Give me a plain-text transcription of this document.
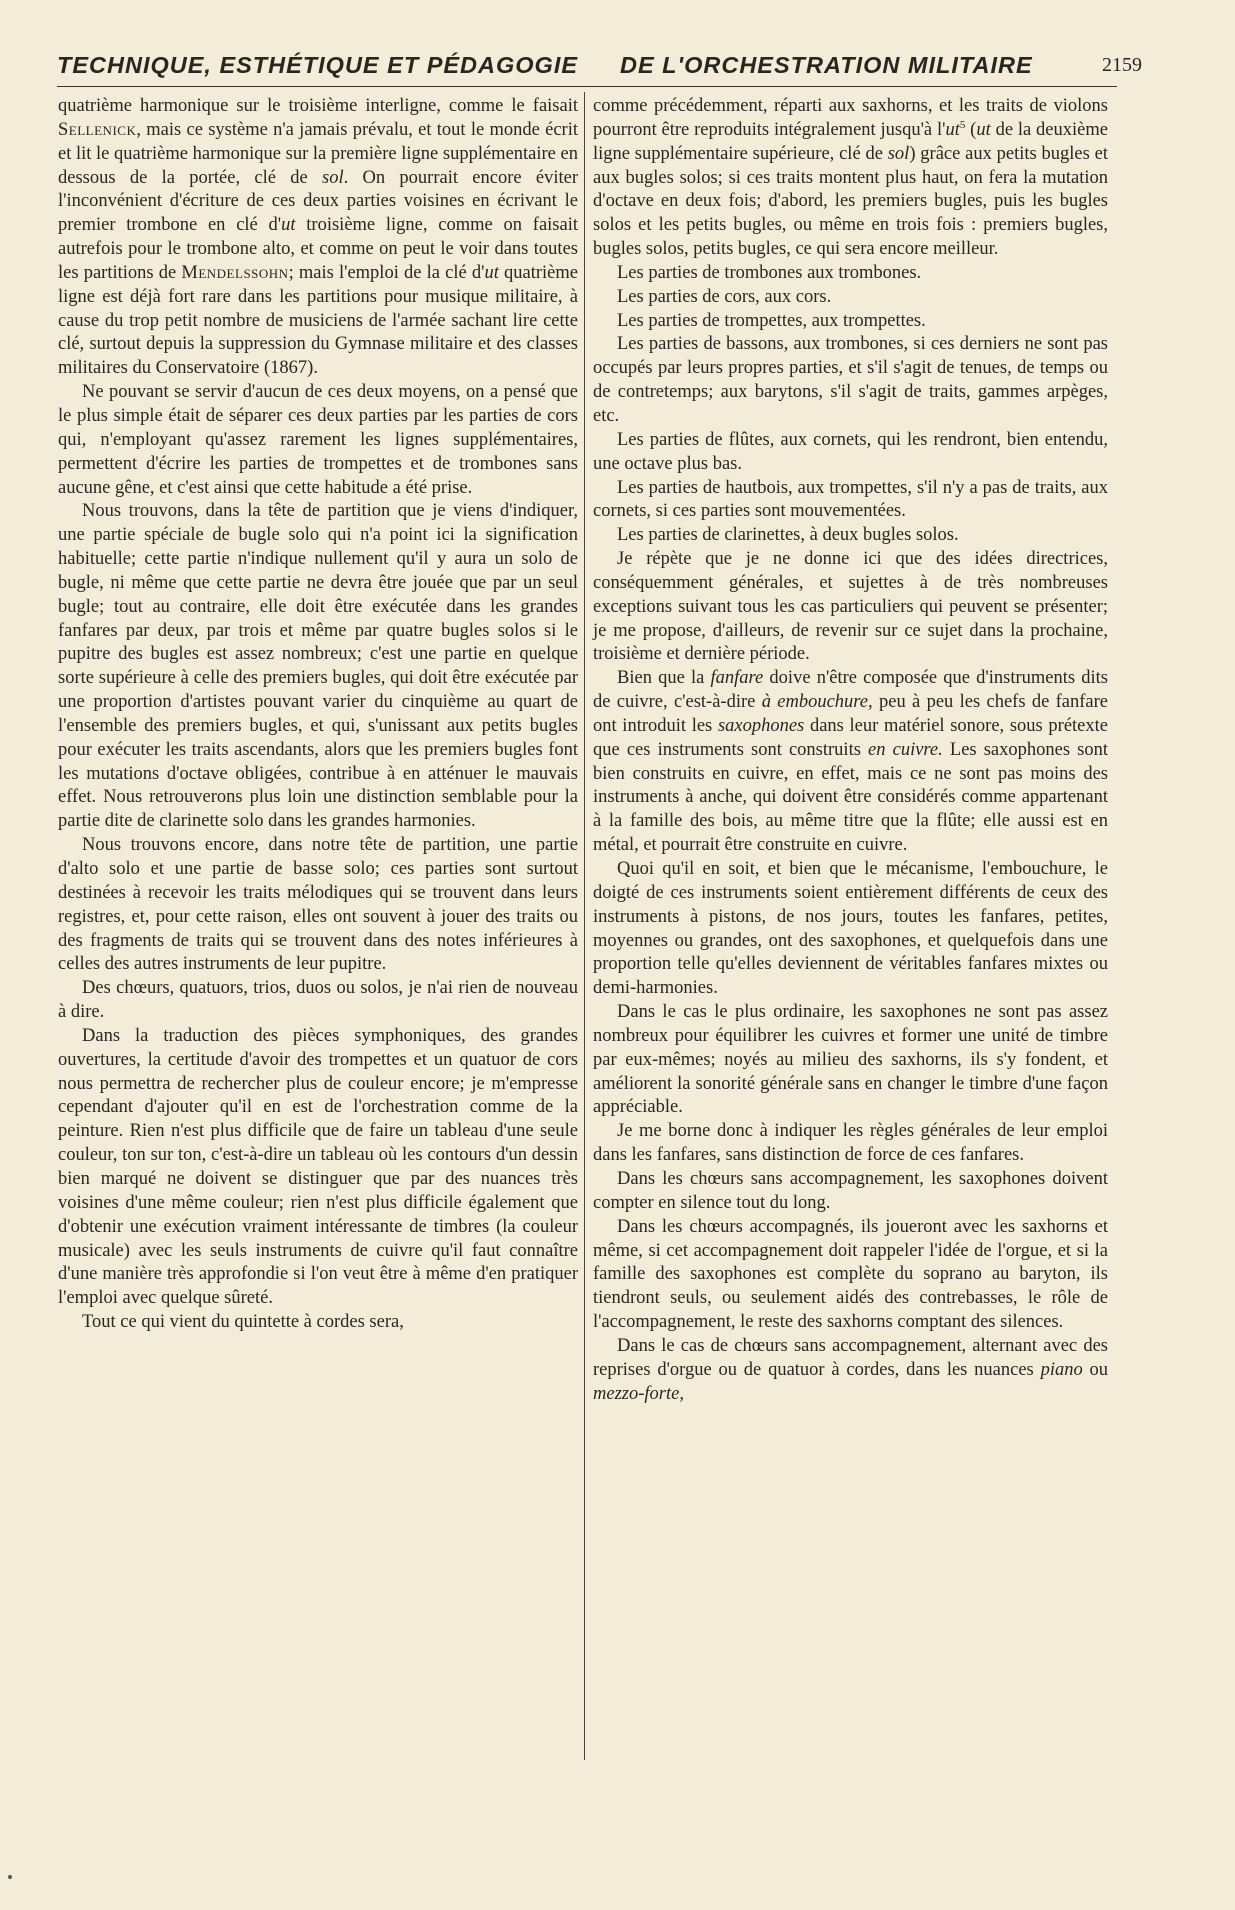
TECHNIQUE, ESTHÉTIQUE ET PÉDAGOGIE DE L'ORCHESTRATION MILITAIRE	2159

quatrième harmonique sur le troisième interligne, comme le faisait Sellenick, mais ce système n'a jamais prévalu, et tout le monde écrit et lit le quatrième harmonique sur la première ligne supplémentaire en dessous de la portée, clé de sol. On pourrait encore éviter l'inconvénient d'écriture de ces deux parties voisines en écrivant le premier trombone en clé d'ut troisième ligne, comme on faisait autrefois pour le trombone alto, et comme on peut le voir dans toutes les partitions de Mendelssohn; mais l'emploi de la clé d'ut quatrième ligne est déjà fort rare dans les partitions pour musique militaire, à cause du trop petit nombre de musiciens de l'armée sachant lire cette clé, surtout depuis la suppression du Gymnase militaire et des classes militaires du Conservatoire (1867).

Ne pouvant se servir d'aucun de ces deux moyens, on a pensé que le plus simple était de séparer ces deux parties par les parties de cors qui, n'employant qu'assez rarement les lignes supplémentaires, permettent d'écrire les parties de trompettes et de trombones sans aucune gêne, et c'est ainsi que cette habitude a été prise.

Nous trouvons, dans la tête de partition que je viens d'indiquer, une partie spéciale de bugle solo qui n'a point ici la signification habituelle; cette partie n'indique nullement qu'il y aura un solo de bugle, ni même que cette partie ne devra être jouée que par un seul bugle; tout au contraire, elle doit être exécutée dans les grandes fanfares par deux, par trois et même par quatre bugles solos si le pupitre des bugles est assez nombreux; c'est une partie en quelque sorte supérieure à celle des premiers bugles, qui doit être exécutée par une proportion d'artistes pouvant varier du cinquième au quart de l'ensemble des premiers bugles, et qui, s'unissant aux petits bugles pour exécuter les traits ascendants, alors que les premiers bugles font les mutations d'octave obligées, contribue à en atténuer le mauvais effet. Nous retrouverons plus loin une distinction semblable pour la partie dite de clarinette solo dans les grandes harmonies.

Nous trouvons encore, dans notre tête de partition, une partie d'alto solo et une partie de basse solo; ces parties sont surtout destinées à recevoir les traits mélodiques qui se trouvent dans leurs registres, et, pour cette raison, elles ont souvent à jouer des traits ou des fragments de traits qui se trouvent dans des notes inférieures à celles des autres instruments de leur pupitre.

Des chœurs, quatuors, trios, duos ou solos, je n'ai rien de nouveau à dire.

Dans la traduction des pièces symphoniques, des grandes ouvertures, la certitude d'avoir des trompettes et un quatuor de cors nous permettra de rechercher plus de couleur encore; je m'empresse cependant d'ajouter qu'il en est de l'orchestration comme de la peinture. Rien n'est plus difficile que de faire un tableau d'une seule couleur, ton sur ton, c'est-à-dire un tableau où les contours d'un dessin bien marqué ne doivent se distinguer que par des nuances très voisines d'une même couleur; rien n'est plus difficile également que d'obtenir une exécution vraiment intéressante de timbres (la couleur musicale) avec les seuls instruments de cuivre qu'il faut connaître d'une manière très approfondie si l'on veut être à même d'en pratiquer l'emploi avec quelque sûreté.

Tout ce qui vient du quintette à cordes sera,

comme précédemment, réparti aux saxhorns, et les traits de violons pourront être reproduits intégralement jusqu'à $l'ut^5$ (ut de la deuxième ligne supplémentaire supérieure, clé de sol) grâce aux petits bugles et aux bugles solos; si ces traits montent plus haut, on fera la mutation d'octave en deux fois; d'abord, les premiers bugles, puis les bugles solos et les petits bugles, ou même en trois fois : premiers bugles, bugles solos, petits bugles, ce qui sera encore meilleur.

Les parties de trombones aux trombones.

Les parties de cors, aux cors.

Les parties de trompettes, aux trompettes.

Les parties de bassons, aux trombones, si ces derniers ne sont pas occupés par leurs propres parties, et s'il s'agit de tenues, de temps ou de contretemps; aux barytons, s'il s'agit de traits, gammes arpèges, etc.

Les parties de flûtes, aux cornets, qui les rendront, bien entendu, une octave plus bas.

Les parties de hautbois, aux trompettes, s'il n'y a pas de traits, aux cornets, si ces parties sont mouvementées.

Les parties de clarinettes, à deux bugles solos.

Je répète que je ne donne ici que des idées directrices, conséquemment générales, et sujettes à de très nombreuses exceptions suivant tous les cas particuliers qui peuvent se présenter; je me propose, d'ailleurs, de revenir sur ce sujet dans la prochaine, troisième et dernière période.

Bien que la fanfare doive n'être composée que d'instruments dits de cuivre, c'est-à-dire à embouchure, peu à peu les chefs de fanfare ont introduit les saxophones dans leur matériel sonore, sous prétexte que ces instruments sont construits en cuivre. Les saxophones sont bien construits en cuivre, en effet, mais ce ne sont pas moins des instruments à anche, qui doivent être considérés comme appartenant à la famille des bois, au même titre que la flûte; elle aussi est en métal, et pourrait être construite en cuivre.

Quoi qu'il en soit, et bien que le mécanisme, l'embouchure, le doigté de ces instruments soient entièrement différents de ceux des instruments à pistons, de nos jours, toutes les fanfares, petites, moyennes ou grandes, ont des saxophones, et quelquefois dans une proportion telle qu'elles deviennent de véritables fanfares mixtes ou demi-harmonies.

Dans le cas le plus ordinaire, les saxophones ne sont pas assez nombreux pour équilibrer les cuivres et former une unité de timbre par eux-mêmes; noyés au milieu des saxhorns, ils s'y fondent, et améliorent la sonorité générale sans en changer le timbre d'une façon appréciable.

Je me borne donc à indiquer les règles générales de leur emploi dans les fanfares, sans distinction de force de ces fanfares.

Dans les chœurs sans accompagnement, les saxophones doivent compter en silence tout du long.

Dans les chœurs accompagnés, ils joueront avec les saxhorns et même, si cet accompagnement doit rappeler l'idée de l'orgue, et si la famille des saxophones est complète du soprano au baryton, ils tiendront seuls, ou seulement aidés des contrebasses, le rôle de l'accompagnement, le reste des saxhorns comptant des silences.

Dans le cas de chœurs sans accompagnement, alternant avec des reprises d'orgue ou de quatuor à cordes, dans les nuances piano ou mezzo-forte,
